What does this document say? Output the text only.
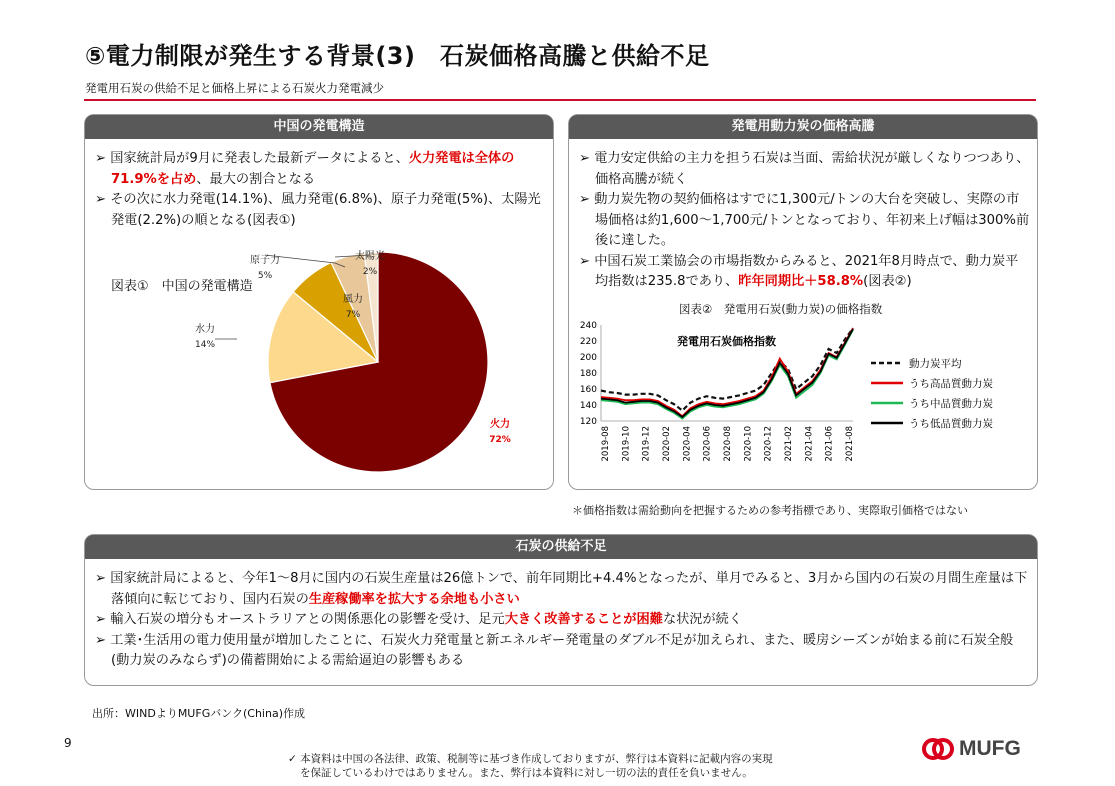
⑤電力制限が発生する背景(3)　石炭価格高騰と供給不足
発電用石炭の供給不足と価格上昇による石炭火力発電減少
中国の発電構造
➢ 国家統計局が9月に発表した最新データによると、火力発電は全体の71.9%を占め、最大の割合となる
➢ その次に水力発電(14.1%)、風力発電(6.8%)、原子力発電(5%)、太陽光発電(2.2%)の順となる(図表①)
図表①　中国の発電構造
火力
72%
水力
14%
風力
7%
原子力
5%
太陽光
2%
発電用動力炭の価格高騰
➢ 電力安定供給の主力を担う石炭は当面、需給状況が厳しくなりつつあり、価格高騰が続く
➢ 動力炭先物の契約価格はすでに1,300元/トンの大台を突破し、実際の市場価格は約1,600～1,700元/トンとなっており、年初来上げ幅は300%前後に達した。
➢ 中国石炭工業協会の市場指数からみると、2021年8月時点で、動力炭平均指数は235.8であり、昨年同期比＋58.8%(図表②)
図表②　発電用石炭(動力炭)の価格指数
120
140
160
180
200
220
240
2019-08 2019-10 2019-12 2020-02 2020-04 2020-06 2020-08 2020-10 2020-12 2021-02 2021-04 2021-06 2021-08
発電用石炭価格指数
動力炭平均
うち高品質動力炭
うち中品質動力炭
うち低品質動力炭
＊価格指数は需給動向を把握するための参考指標であり、実際取引価格ではない
石炭の供給不足
➢ 国家統計局によると、今年1～8月に国内の石炭生産量は26億トンで、前年同期比+4.4%となったが、単月でみると、3月から国内の石炭の月間生産量は下落傾向に転じており、国内石炭の生産稼働率を拡大する余地も小さい
➢ 輸入石炭の増分もオーストラリアとの関係悪化の影響を受け、足元大きく改善することが困難な状況が続く
➢ 工業･生活用の電力使用量が増加したことに、石炭火力発電量と新エネルギー発電量のダブル不足が加えられ、また、暖房シーズンが始まる前に石炭全般(動力炭のみならず)の備蓄開始による需給逼迫の影響もある
出所：WINDよりMUFGバンク(China)作成
9
✓ 本資料は中国の各法律、政策、税制等に基づき作成しておりますが、弊行は本資料に記載内容の実現
を保証しているわけではありません。また、弊行は本資料に対し一切の法的責任を負いません。
MUFG
